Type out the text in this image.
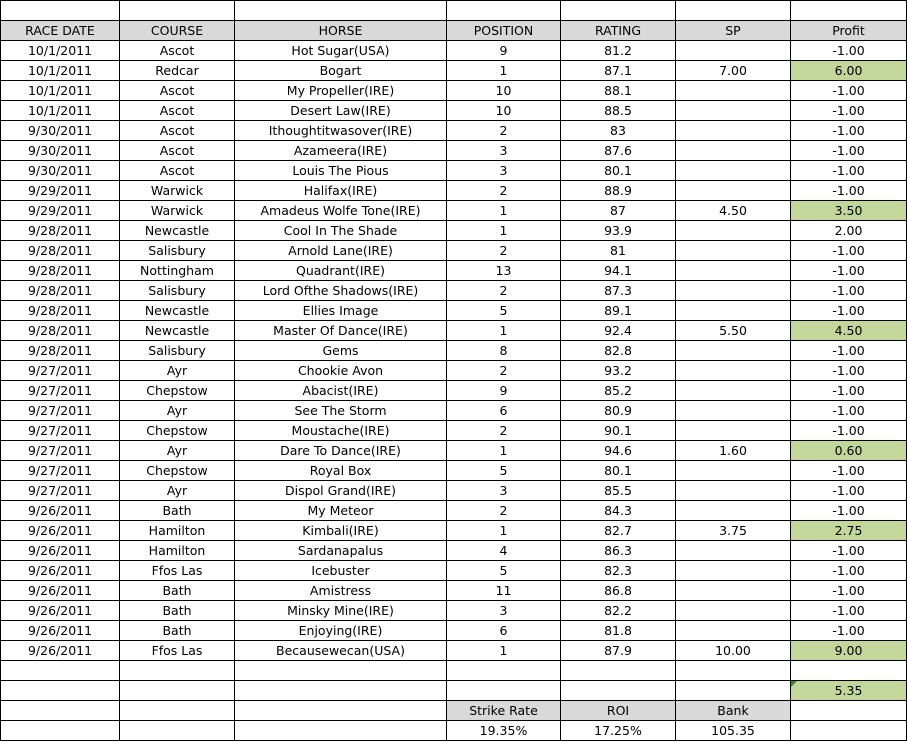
RACE DATE	COURSE	HORSE	POSITION	RATING	SP	Profit
10/1/2011	Ascot	Hot Sugar(USA)	9	81.2		-1.00
10/1/2011	Redcar	Bogart	1	87.1	7.00	6.00
10/1/2011	Ascot	My Propeller(IRE)	10	88.1		-1.00
10/1/2011	Ascot	Desert Law(IRE)	10	88.5		-1.00
9/30/2011	Ascot	Ithoughtitwasover(IRE)	2	83		-1.00
9/30/2011	Ascot	Azameera(IRE)	3	87.6		-1.00
9/30/2011	Ascot	Louis The Pious	3	80.1		-1.00
9/29/2011	Warwick	Halifax(IRE)	2	88.9		-1.00
9/29/2011	Warwick	Amadeus Wolfe Tone(IRE)	1	87	4.50	3.50
9/28/2011	Newcastle	Cool In The Shade	1	93.9		2.00
9/28/2011	Salisbury	Arnold Lane(IRE)	2	81		-1.00
9/28/2011	Nottingham	Quadrant(IRE)	13	94.1		-1.00
9/28/2011	Salisbury	Lord Ofthe Shadows(IRE)	2	87.3		-1.00
9/28/2011	Newcastle	Ellies Image	5	89.1		-1.00
9/28/2011	Newcastle	Master Of Dance(IRE)	1	92.4	5.50	4.50
9/28/2011	Salisbury	Gems	8	82.8		-1.00
9/27/2011	Ayr	Chookie Avon	2	93.2		-1.00
9/27/2011	Chepstow	Abacist(IRE)	9	85.2		-1.00
9/27/2011	Ayr	See The Storm	6	80.9		-1.00
9/27/2011	Chepstow	Moustache(IRE)	2	90.1		-1.00
9/27/2011	Ayr	Dare To Dance(IRE)	1	94.6	1.60	0.60
9/27/2011	Chepstow	Royal Box	5	80.1		-1.00
9/27/2011	Ayr	Dispol Grand(IRE)	3	85.5		-1.00
9/26/2011	Bath	My Meteor	2	84.3		-1.00
9/26/2011	Hamilton	Kimbali(IRE)	1	82.7	3.75	2.75
9/26/2011	Hamilton	Sardanapalus	4	86.3		-1.00
9/26/2011	Ffos Las	Icebuster	5	82.3		-1.00
9/26/2011	Bath	Amistress	11	86.8		-1.00
9/26/2011	Bath	Minsky Mine(IRE)	3	82.2		-1.00
9/26/2011	Bath	Enjoying(IRE)	6	81.8		-1.00
9/26/2011	Ffos Las	Becausewecan(USA)	1	87.9	10.00	9.00

5.35
			Strike Rate	ROI	Bank	
			19.35%	17.25%	105.35	
